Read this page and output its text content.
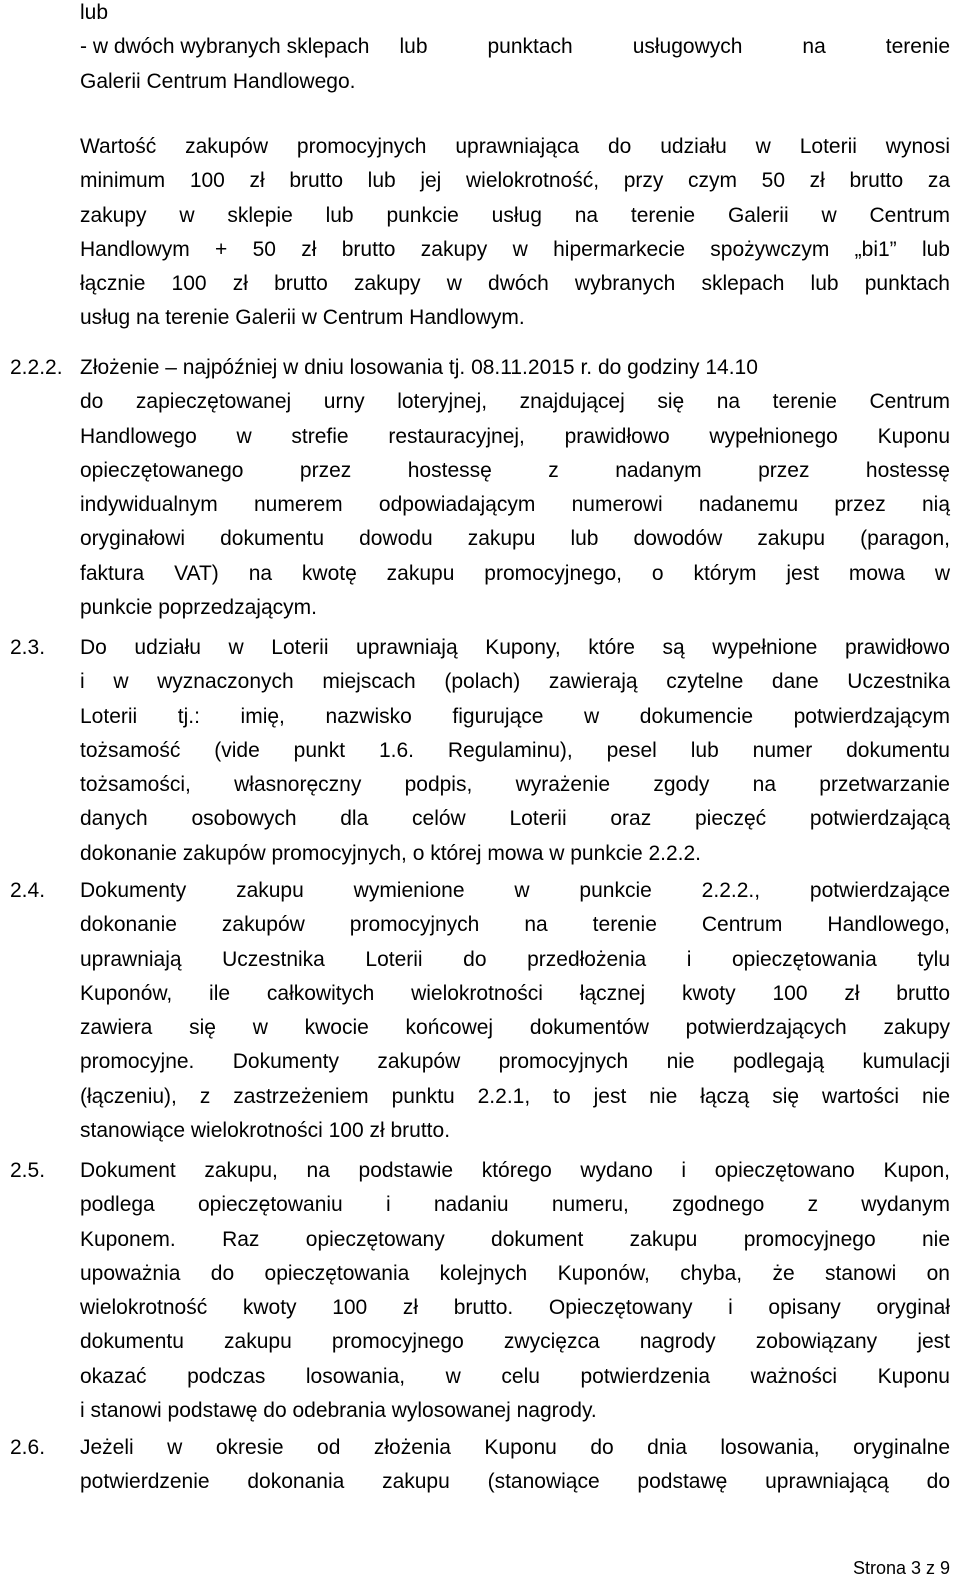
lub

- w dwóch wybranych sklepach lub punktach usługowych na terenie

Galerii Centrum Handlowego.

Wartość zakupów promocyjnych uprawniająca do udziału w Loterii wynosi

minimum 100 zł brutto lub jej wielokrotność, przy czym 50 zł brutto za

zakupy w sklepie lub punkcie usług na terenie Galerii w Centrum

Handlowym + 50 zł brutto zakupy w hipermarkecie spożywczym „bi1” lub

łącznie 100 zł brutto zakupy w dwóch wybranych sklepach lub punktach

usług na terenie Galerii w Centrum Handlowym.

2.2.2. Złożenie – najpóźniej w dniu losowania tj. 08.11.2015 r. do godziny 14.10

do zapieczętowanej urny loteryjnej, znajdującej się na terenie Centrum

Handlowego w strefie restauracyjnej, prawidłowo wypełnionego Kuponu

opieczętowanego przez hostessę z nadanym przez hostessę

indywidualnym numerem odpowiadającym numerowi nadanemu przez nią

oryginałowi dokumentu dowodu zakupu lub dowodów zakupu (paragon,

faktura VAT) na kwotę zakupu promocyjnego, o którym jest mowa w

punkcie poprzedzającym.

2.3. Do udziału w Loterii uprawniają Kupony, które są wypełnione prawidłowo

i w wyznaczonych miejscach (polach) zawierają czytelne dane Uczestnika

Loterii tj.: imię, nazwisko figurujące w dokumencie potwierdzającym

tożsamość (vide punkt 1.6. Regulaminu), pesel lub numer dokumentu

tożsamości, własnoręczny podpis, wyrażenie zgody na przetwarzanie

danych osobowych dla celów Loterii oraz pieczęć potwierdzającą

dokonanie zakupów promocyjnych, o której mowa w punkcie 2.2.2.

2.4. Dokumenty zakupu wymienione w punkcie 2.2.2., potwierdzające

dokonanie zakupów promocyjnych na terenie Centrum Handlowego,

uprawniają Uczestnika Loterii do przedłożenia i opieczętowania tylu

Kuponów, ile całkowitych wielokrotności łącznej kwoty 100 zł brutto

zawiera się w kwocie końcowej dokumentów potwierdzających zakupy

promocyjne. Dokumenty zakupów promocyjnych nie podlegają kumulacji

(łączeniu), z zastrzeżeniem punktu 2.2.1, to jest nie łączą się wartości nie

stanowiące wielokrotności 100 zł brutto.

2.5. Dokument zakupu, na podstawie którego wydano i opieczętowano Kupon,

podlega opieczętowaniu i nadaniu numeru, zgodnego z wydanym

Kuponem. Raz opieczętowany dokument zakupu promocyjnego nie

upoważnia do opieczętowania kolejnych Kuponów, chyba, że stanowi on

wielokrotność kwoty 100 zł brutto. Opieczętowany i opisany oryginał

dokumentu zakupu promocyjnego zwycięzca nagrody zobowiązany jest

okazać podczas losowania, w celu potwierdzenia ważności Kuponu

i stanowi podstawę do odebrania wylosowanej nagrody.

2.6. Jeżeli w okresie od złożenia Kuponu do dnia losowania, oryginalne

potwierdzenie dokonania zakupu (stanowiące podstawę uprawniającą do

Strona 3 z 9
